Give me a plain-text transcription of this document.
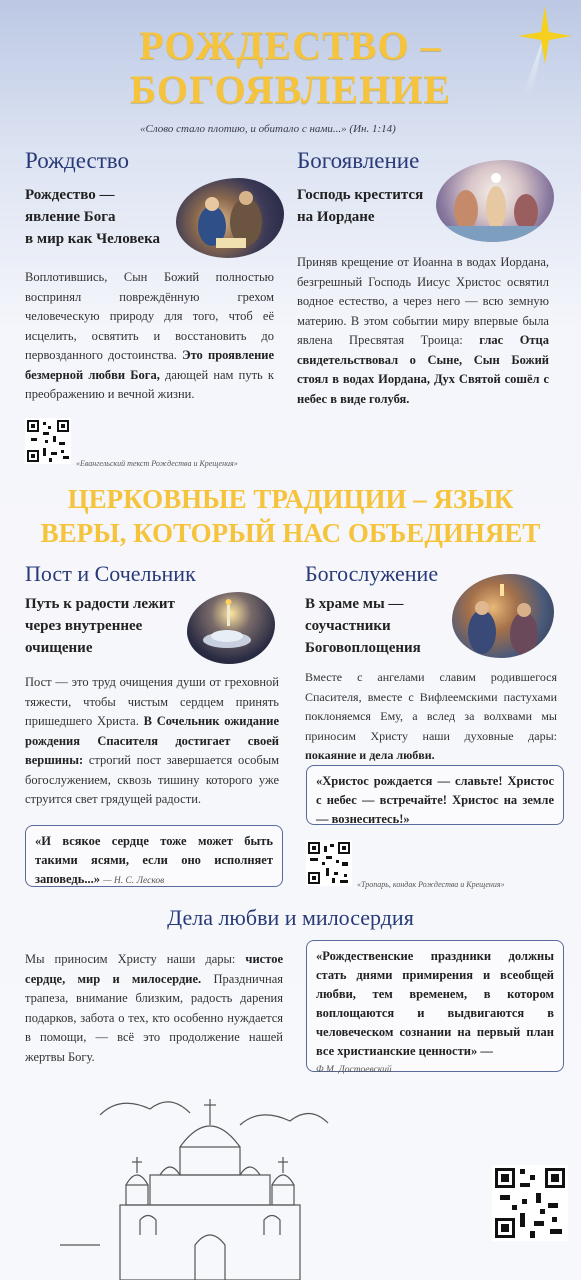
РОЖДЕСТВО –
БОГОЯВЛЕНИЕ
«Слово стало плотию, и обитало с нами...» (Ин. 1:14)
Рождество
Рождество —
явление Бога
в мир как Человека
Воплотившись, Сын Божий полностью воспринял повреждённую грехом человеческую природу для того, чтоб её исцелить, освятить и восстановить до первозданного достоинства. Это проявление безмерной любви Бога, дающей нам путь к преображению и вечной жизни.
«Евангельский текст Рождества и Крещения»
Богоявление
Господь крестится
на Иордане
Приняв крещение от Иоанна в водах Иордана, безгрешный Господь Иисус Христос освятил водное естество, а через него — всю земную материю. В этом событии миру впервые была явлена Пресвятая Троица: глас Отца свидетельствовал о Сыне, Сын Божий стоял в водах Иордана, Дух Святой сошёл с небес в виде голубя.
ЦЕРКОВНЫЕ ТРАДИЦИИ – ЯЗЫК
ВЕРЫ, КОТОРЫЙ НАС ОБЪЕДИНЯЕТ
Пост и Сочельник
Путь к радости лежит
через внутреннее
очищение
Пост — это труд очищения души от греховной тяжести, чтобы чистым сердцем принять пришедшего Христа. В Сочельник ожидание рождения Спасителя достигает своей вершины: строгий пост завершается особым богослужением, сквозь тишину которого уже струится свет грядущей радости.
«И всякое сердце тоже может быть такими ясями, если оно исполняет заповедь...» — Н. С. Лесков
Богослужение
В храме мы —
соучастники
Боговоплощения
Вместе с ангелами славим родившегося Спасителя, вместе с Вифлеемскими пастухами поклоняемся Ему, а вслед за волхвами мы приносим Христу наши духовные дары: покаяние и дела любви.
«Христос рождается — славьте! Христос с небес — встречайте! Христос на земле — вознеситесь!»
«Тропарь, кондак Рождества и Крещения»
Дела любви и милосердия
Мы приносим Христу наши дары: чистое сердце, мир и милосердие. Праздничная трапеза, внимание близким, радость дарения подарков, забота о тех, кто особенно нуждается в помощи, — всё это продолжение нашей жертвы Богу.
«Рождественские праздники должны стать днями примирения и всеобщей любви, тем временем, в котором воплощаются и выдвигаются в человеческом сознании на первый план все христианские ценности» —
Ф.М. Достоевский
